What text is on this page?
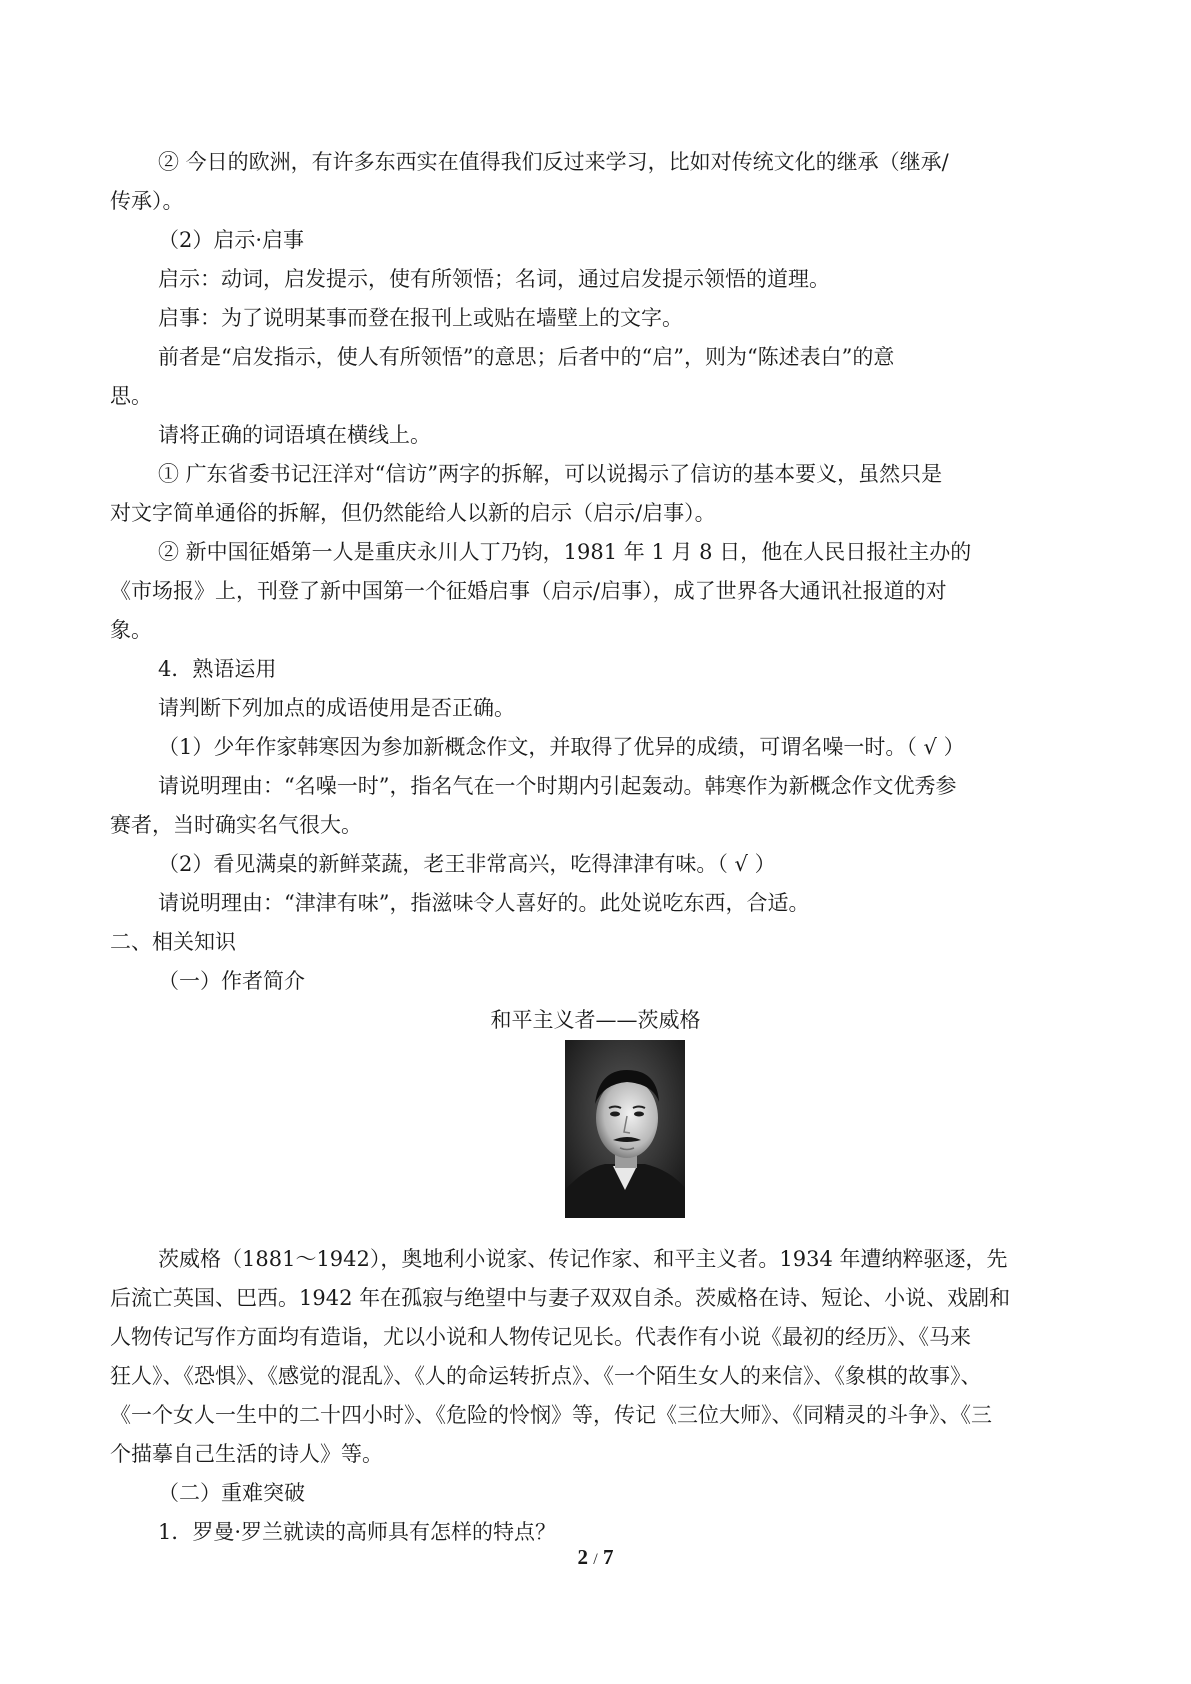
② 今日的欧洲，有许多东西实在值得我们反过来学习，比如对传统文化的继承（继承/
传承）。
（2）启示·启事
启示：动词，启发提示，使有所领悟；名词，通过启发提示领悟的道理。
启事：为了说明某事而登在报刊上或贴在墙壁上的文字。
前者是“启发指示，使人有所领悟”的意思；后者中的“启”，则为“陈述表白”的意
思。
请将正确的词语填在横线上。
① 广东省委书记汪洋对“信访”两字的拆解，可以说揭示了信访的基本要义，虽然只是
对文字简单通俗的拆解，但仍然能给人以新的启示（启示/启事）。
② 新中国征婚第一人是重庆永川人丁乃钧，1981 年 1 月 8 日，他在人民日报社主办的
《市场报》上，刊登了新中国第一个征婚启事（启示/启事），成了世界各大通讯社报道的对
象。
4．熟语运用
请判断下列加点的成语使用是否正确。
（1）少年作家韩寒因为参加新概念作文，并取得了优异的成绩，可谓名噪一时。（ √ ）
请说明理由：“名噪一时”，指名气在一个时期内引起轰动。韩寒作为新概念作文优秀参
赛者，当时确实名气很大。
（2）看见满桌的新鲜菜蔬，老王非常高兴，吃得津津有味。（ √ ）
请说明理由：“津津有味”，指滋味令人喜好的。此处说吃东西，合适。
二、相关知识
（一）作者简介
和平主义者——茨威格
茨威格（1881～1942），奥地利小说家、传记作家、和平主义者。1934 年遭纳粹驱逐，先
后流亡英国、巴西。1942 年在孤寂与绝望中与妻子双双自杀。茨威格在诗、短论、小说、戏剧和
人物传记写作方面均有造诣，尤以小说和人物传记见长。代表作有小说《最初的经历》、《马来
狂人》、《恐惧》、《感觉的混乱》、《人的命运转折点》、《一个陌生女人的来信》、《象棋的故事》、
《一个女人一生中的二十四小时》、《危险的怜悯》等，传记《三位大师》、《同精灵的斗争》、《三
个描摹自己生活的诗人》等。
（二）重难突破
1．罗曼·罗兰就读的高师具有怎样的特点？
2 / 7
